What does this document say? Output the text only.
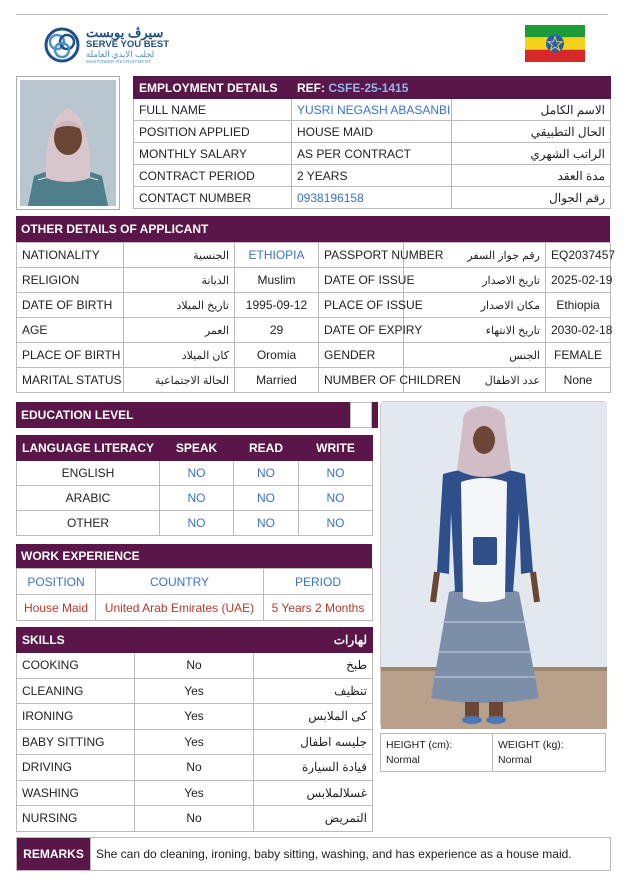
سيرڤ يوبست
SERVE YOU BEST
لجلب الايدي العاملة
MANPOWER RECRUITMENT
EMPLOYMENT DETAILS	REF: CSFE-25-1415	
FULL NAME	YUSRI NEGASH ABASANBI	الاسم الكامل
POSITION APPLIED	HOUSE MAID	الحال التطبيقي
MONTHLY SALARY	AS PER CONTRACT	الراتب الشهري
CONTRACT PERIOD	2 YEARS	مدة العقد
CONTACT NUMBER	0938196158	رقم الجوال
OTHER DETAILS OF APPLICANT
NATIONALITY	الجنسية	ETHIOPIA	PASSPORT NUMBER	رقم جواز السفر	EQ2037457
RELIGION	الديانة	Muslim	DATE OF ISSUE	تاريخ الاصدار	2025-02-19
DATE OF BIRTH	تاريخ الميلاد	1995-09-12	PLACE OF ISSUE	مكان الاصدار	Ethiopia
AGE	العمر	29	DATE OF EXPIRY	تاريخ الانتهاء	2030-02-18
PLACE OF BIRTH	كان الميلاد	Oromia	GENDER	الجنس	FEMALE
MARITAL STATUS	الحالة الاجتماعية	Married	NUMBER OF CHILDREN	عدد الاطفال	None
EDUCATION LEVEL
LANGUAGE LITERACY	SPEAK	READ	WRITE
ENGLISH	NO	NO	NO
ARABIC	NO	NO	NO
OTHER	NO	NO	NO
WORK EXPERIENCE
POSITION	COUNTRY	PERIOD
House Maid	United Arab Emirates (UAE)	5 Years 2 Months
SKILLS		لهارات
COOKING	No	طبخ
CLEANING	Yes	تنظيف
IRONING	Yes	كى الملابس
BABY SITTING	Yes	جليسه اطفال
DRIVING	No	قيادة السيارة
WASHING	Yes	غسلالملابس
NURSING	No	التمريض
HEIGHT (cm):
Normal

WEIGHT (kg):
Normal
REMARKS	She can do cleaning, ironing, baby sitting, washing, and has experience as a house maid.
